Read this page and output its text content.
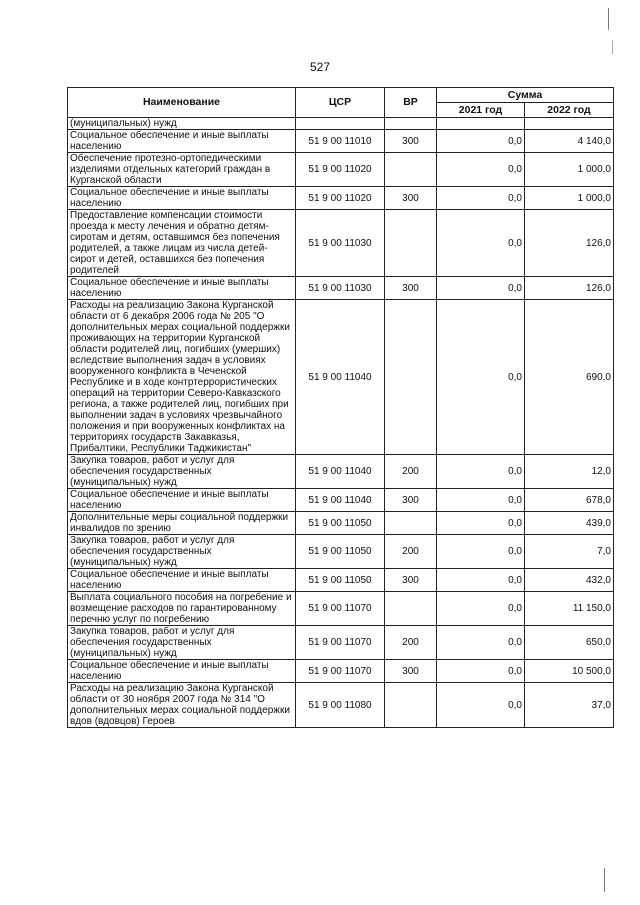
527
Наименование	ЦСР	ВР	Сумма	
			2021 год	2022 год
(муниципальных) нужд				
Социальное обеспечение и иные выплаты населению	51 9 00 11010	300	0,0	4 140,0
Обеспечение протезно-ортопедическими изделиями отдельных категорий граждан в Курганской области	51 9 00 11020		0,0	1 000,0
Социальное обеспечение и иные выплаты населению	51 9 00 11020	300	0,0	1 000,0
Предоставление компенсации стоимости проезда к месту лечения и обратно детям-сиротам и детям, оставшимся без попечения родителей, а также лицам из числа детей-сирот и детей, оставшихся без попечения родителей	51 9 00 11030		0,0	126,0
Социальное обеспечение и иные выплаты населению	51 9 00 11030	300	0,0	126,0
Расходы на реализацию Закона Курганской области от 6 декабря 2006 года № 205 "О дополнительных мерах социальной поддержки проживающих на территории Курганской области родителей лиц, погибших (умерших) вследствие выполнения задач в условиях вооруженного конфликта в Чеченской Республике и в ходе контртеррористических операций на территории Северо-Кавказского региона, а также родителей лиц, погибших при выполнении задач в условиях чрезвычайного положения и при вооруженных конфликтах на территориях государств Закавказья, Прибалтики, Республики Таджикистан"	51 9 00 11040		0,0	690,0
Закупка товаров, работ и услуг для обеспечения государственных (муниципальных) нужд	51 9 00 11040	200	0,0	12,0
Социальное обеспечение и иные выплаты населению	51 9 00 11040	300	0,0	678,0
Дополнительные меры социальной поддержки инвалидов по зрению	51 9 00 11050		0,0	439,0
Закупка товаров, работ и услуг для обеспечения государственных (муниципальных) нужд	51 9 00 11050	200	0,0	7,0
Социальное обеспечение и иные выплаты населению	51 9 00 11050	300	0,0	432,0
Выплата социального пособия на погребение и возмещение расходов по гарантированному перечню услуг по погребению	51 9 00 11070		0,0	11 150,0
Закупка товаров, работ и услуг для обеспечения государственных (муниципальных) нужд	51 9 00 11070	200	0,0	650,0
Социальное обеспечение и иные выплаты населению	51 9 00 11070	300	0,0	10 500,0
Расходы на реализацию Закона Курганской области от 30 ноября 2007 года № 314 "О дополнительных мерах социальной поддержки вдов (вдовцов) Героев	51 9 00 11080		0,0	37,0
